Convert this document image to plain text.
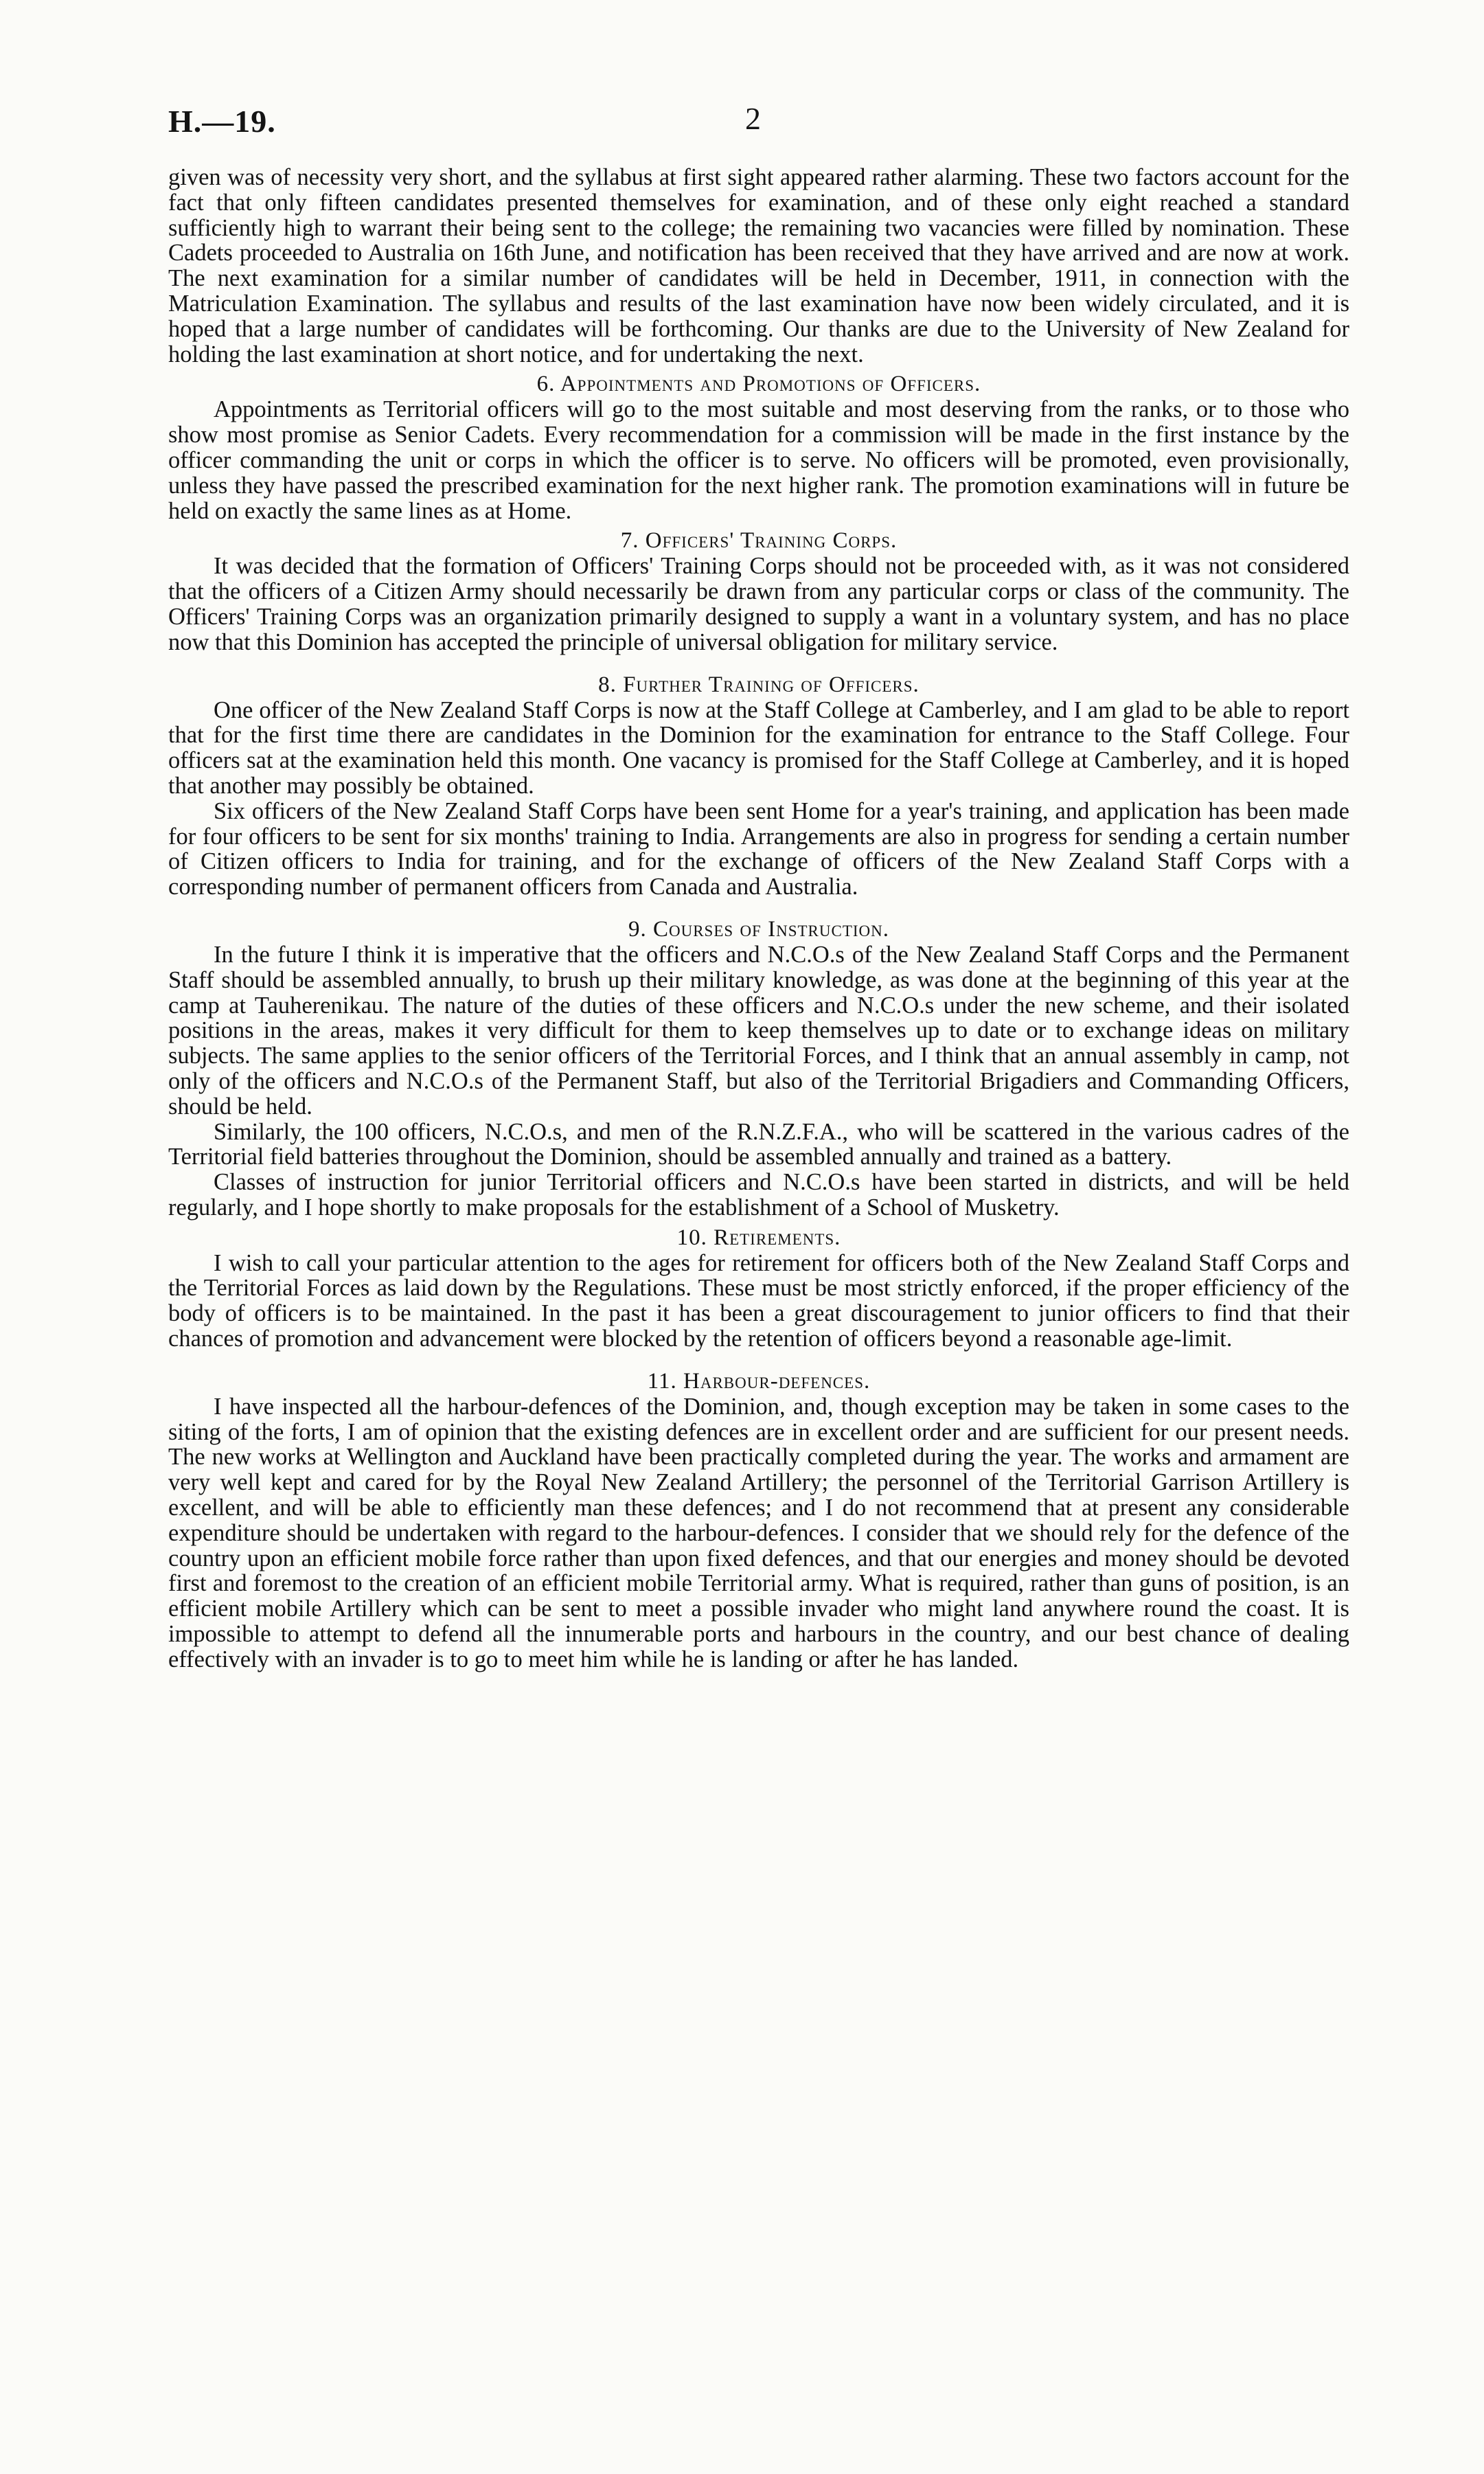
H.—19.	2

given was of necessity very short, and the syllabus at first sight appeared rather alarming. These two factors account for the fact that only fifteen candidates presented themselves for examination, and of these only eight reached a standard sufficiently high to warrant their being sent to the college; the remaining two vacancies were filled by nomination. These Cadets proceeded to Australia on 16th June, and notification has been received that they have arrived and are now at work. The next examination for a similar number of candidates will be held in December, 1911, in connection with the Matriculation Examination. The syllabus and results of the last examination have now been widely circulated, and it is hoped that a large number of candidates will be forthcoming. Our thanks are due to the University of New Zealand for holding the last examination at short notice, and for undertaking the next.

6. Appointments and Promotions of Officers.

Appointments as Territorial officers will go to the most suitable and most deserving from the ranks, or to those who show most promise as Senior Cadets. Every recommendation for a commission will be made in the first instance by the officer commanding the unit or corps in which the officer is to serve. No officers will be promoted, even provisionally, unless they have passed the prescribed examination for the next higher rank. The promotion examinations will in future be held on exactly the same lines as at Home.

7. Officers' Training Corps.

It was decided that the formation of Officers' Training Corps should not be proceeded with, as it was not considered that the officers of a Citizen Army should necessarily be drawn from any particular corps or class of the community. The Officers' Training Corps was an organization primarily designed to supply a want in a voluntary system, and has no place now that this Dominion has accepted the principle of universal obligation for military service.

8. Further Training of Officers.

One officer of the New Zealand Staff Corps is now at the Staff College at Camberley, and I am glad to be able to report that for the first time there are candidates in the Dominion for the examination for entrance to the Staff College. Four officers sat at the examination held this month. One vacancy is promised for the Staff College at Camberley, and it is hoped that another may possibly be obtained.

Six officers of the New Zealand Staff Corps have been sent Home for a year's training, and application has been made for four officers to be sent for six months' training to India. Arrangements are also in progress for sending a certain number of Citizen officers to India for training, and for the exchange of officers of the New Zealand Staff Corps with a corresponding number of permanent officers from Canada and Australia.

9. Courses of Instruction.

In the future I think it is imperative that the officers and N.C.O.s of the New Zealand Staff Corps and the Permanent Staff should be assembled annually, to brush up their military knowledge, as was done at the beginning of this year at the camp at Tauherenikau. The nature of the duties of these officers and N.C.O.s under the new scheme, and their isolated positions in the areas, makes it very difficult for them to keep themselves up to date or to exchange ideas on military subjects. The same applies to the senior officers of the Territorial Forces, and I think that an annual assembly in camp, not only of the officers and N.C.O.s of the Permanent Staff, but also of the Territorial Brigadiers and Commanding Officers, should be held.

Similarly, the 100 officers, N.C.O.s, and men of the R.N.Z.F.A., who will be scattered in the various cadres of the Territorial field batteries throughout the Dominion, should be assembled annually and trained as a battery.

Classes of instruction for junior Territorial officers and N.C.O.s have been started in districts, and will be held regularly, and I hope shortly to make proposals for the establishment of a School of Musketry.

10. Retirements.

I wish to call your particular attention to the ages for retirement for officers both of the New Zealand Staff Corps and the Territorial Forces as laid down by the Regulations. These must be most strictly enforced, if the proper efficiency of the body of officers is to be maintained. In the past it has been a great discouragement to junior officers to find that their chances of promotion and advancement were blocked by the retention of officers beyond a reasonable age-limit.

11. Harbour-defences.

I have inspected all the harbour-defences of the Dominion, and, though exception may be taken in some cases to the siting of the forts, I am of opinion that the existing defences are in excellent order and are sufficient for our present needs. The new works at Wellington and Auckland have been practically completed during the year. The works and armament are very well kept and cared for by the Royal New Zealand Artillery; the personnel of the Territorial Garrison Artillery is excellent, and will be able to efficiently man these defences; and I do not recommend that at present any considerable expenditure should be undertaken with regard to the harbour-defences. I consider that we should rely for the defence of the country upon an efficient mobile force rather than upon fixed defences, and that our energies and money should be devoted first and foremost to the creation of an efficient mobile Territorial army. What is required, rather than guns of position, is an efficient mobile Artillery which can be sent to meet a possible invader who might land anywhere round the coast. It is impossible to attempt to defend all the innumerable ports and harbours in the country, and our best chance of dealing effectively with an invader is to go to meet him while he is landing or after he has landed.
